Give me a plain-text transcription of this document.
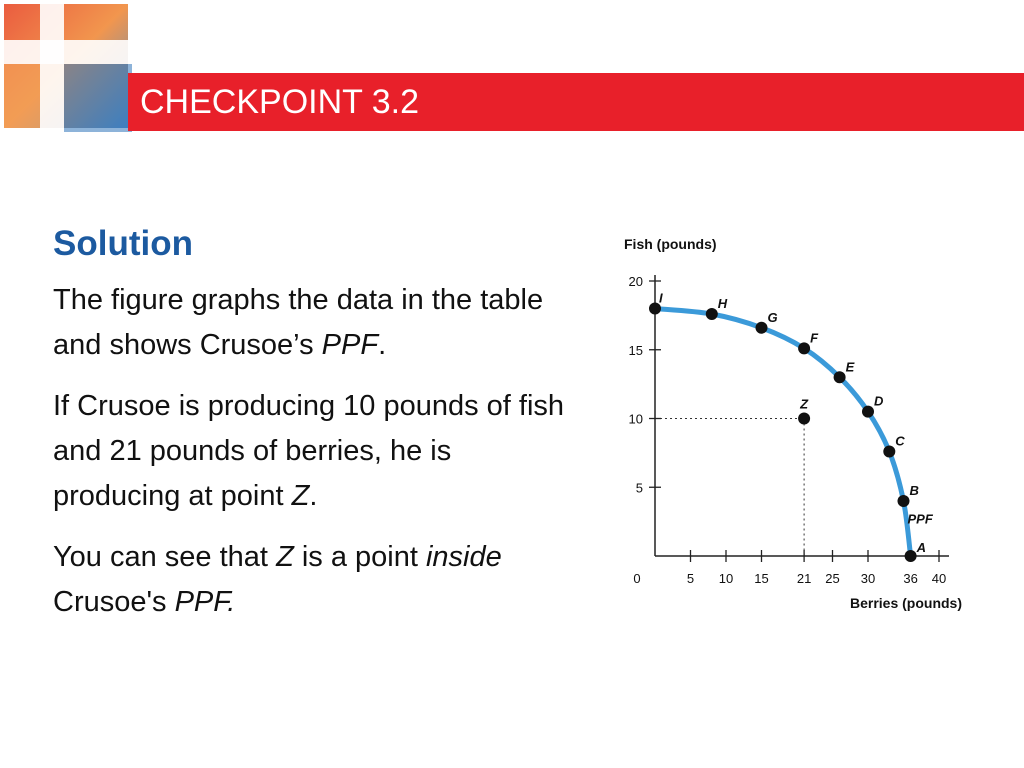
CHECKPOINT 3.2
Solution

The figure graphs the data in the table and shows Crusoe’s PPF.

If Crusoe is producing 10 pounds of fish and 21 pounds of berries, he is producing at point Z.

You can see that Z is a point inside Crusoe's PPF.

Fish (pounds)
Berries (pounds)
0	5 10 15 21 25 30 36 40
5
10
15
20
PPF
I	H
G
F
E
D
C
B
A
Z
